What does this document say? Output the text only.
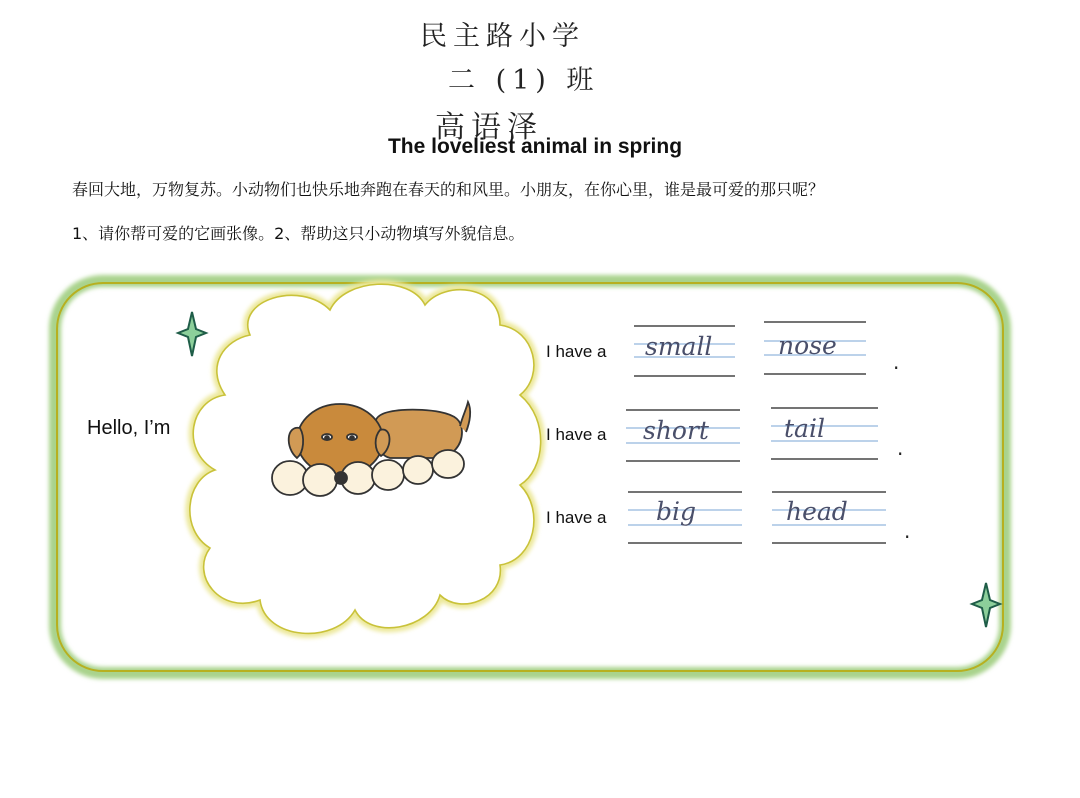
民主路小学
二 (1) 班
高语泽
The loveliest animal in spring
春回大地，万物复苏。小动物们也快乐地奔跑在春天的和风里。小朋友，在你心里，谁是最可爱的那只呢？
1、请你帮可爱的它画张像。2、帮助这只小动物填写外貌信息。
Hello, I’m
I have a small	nose
.
I have a short	tail
.
I have a big	head
.
